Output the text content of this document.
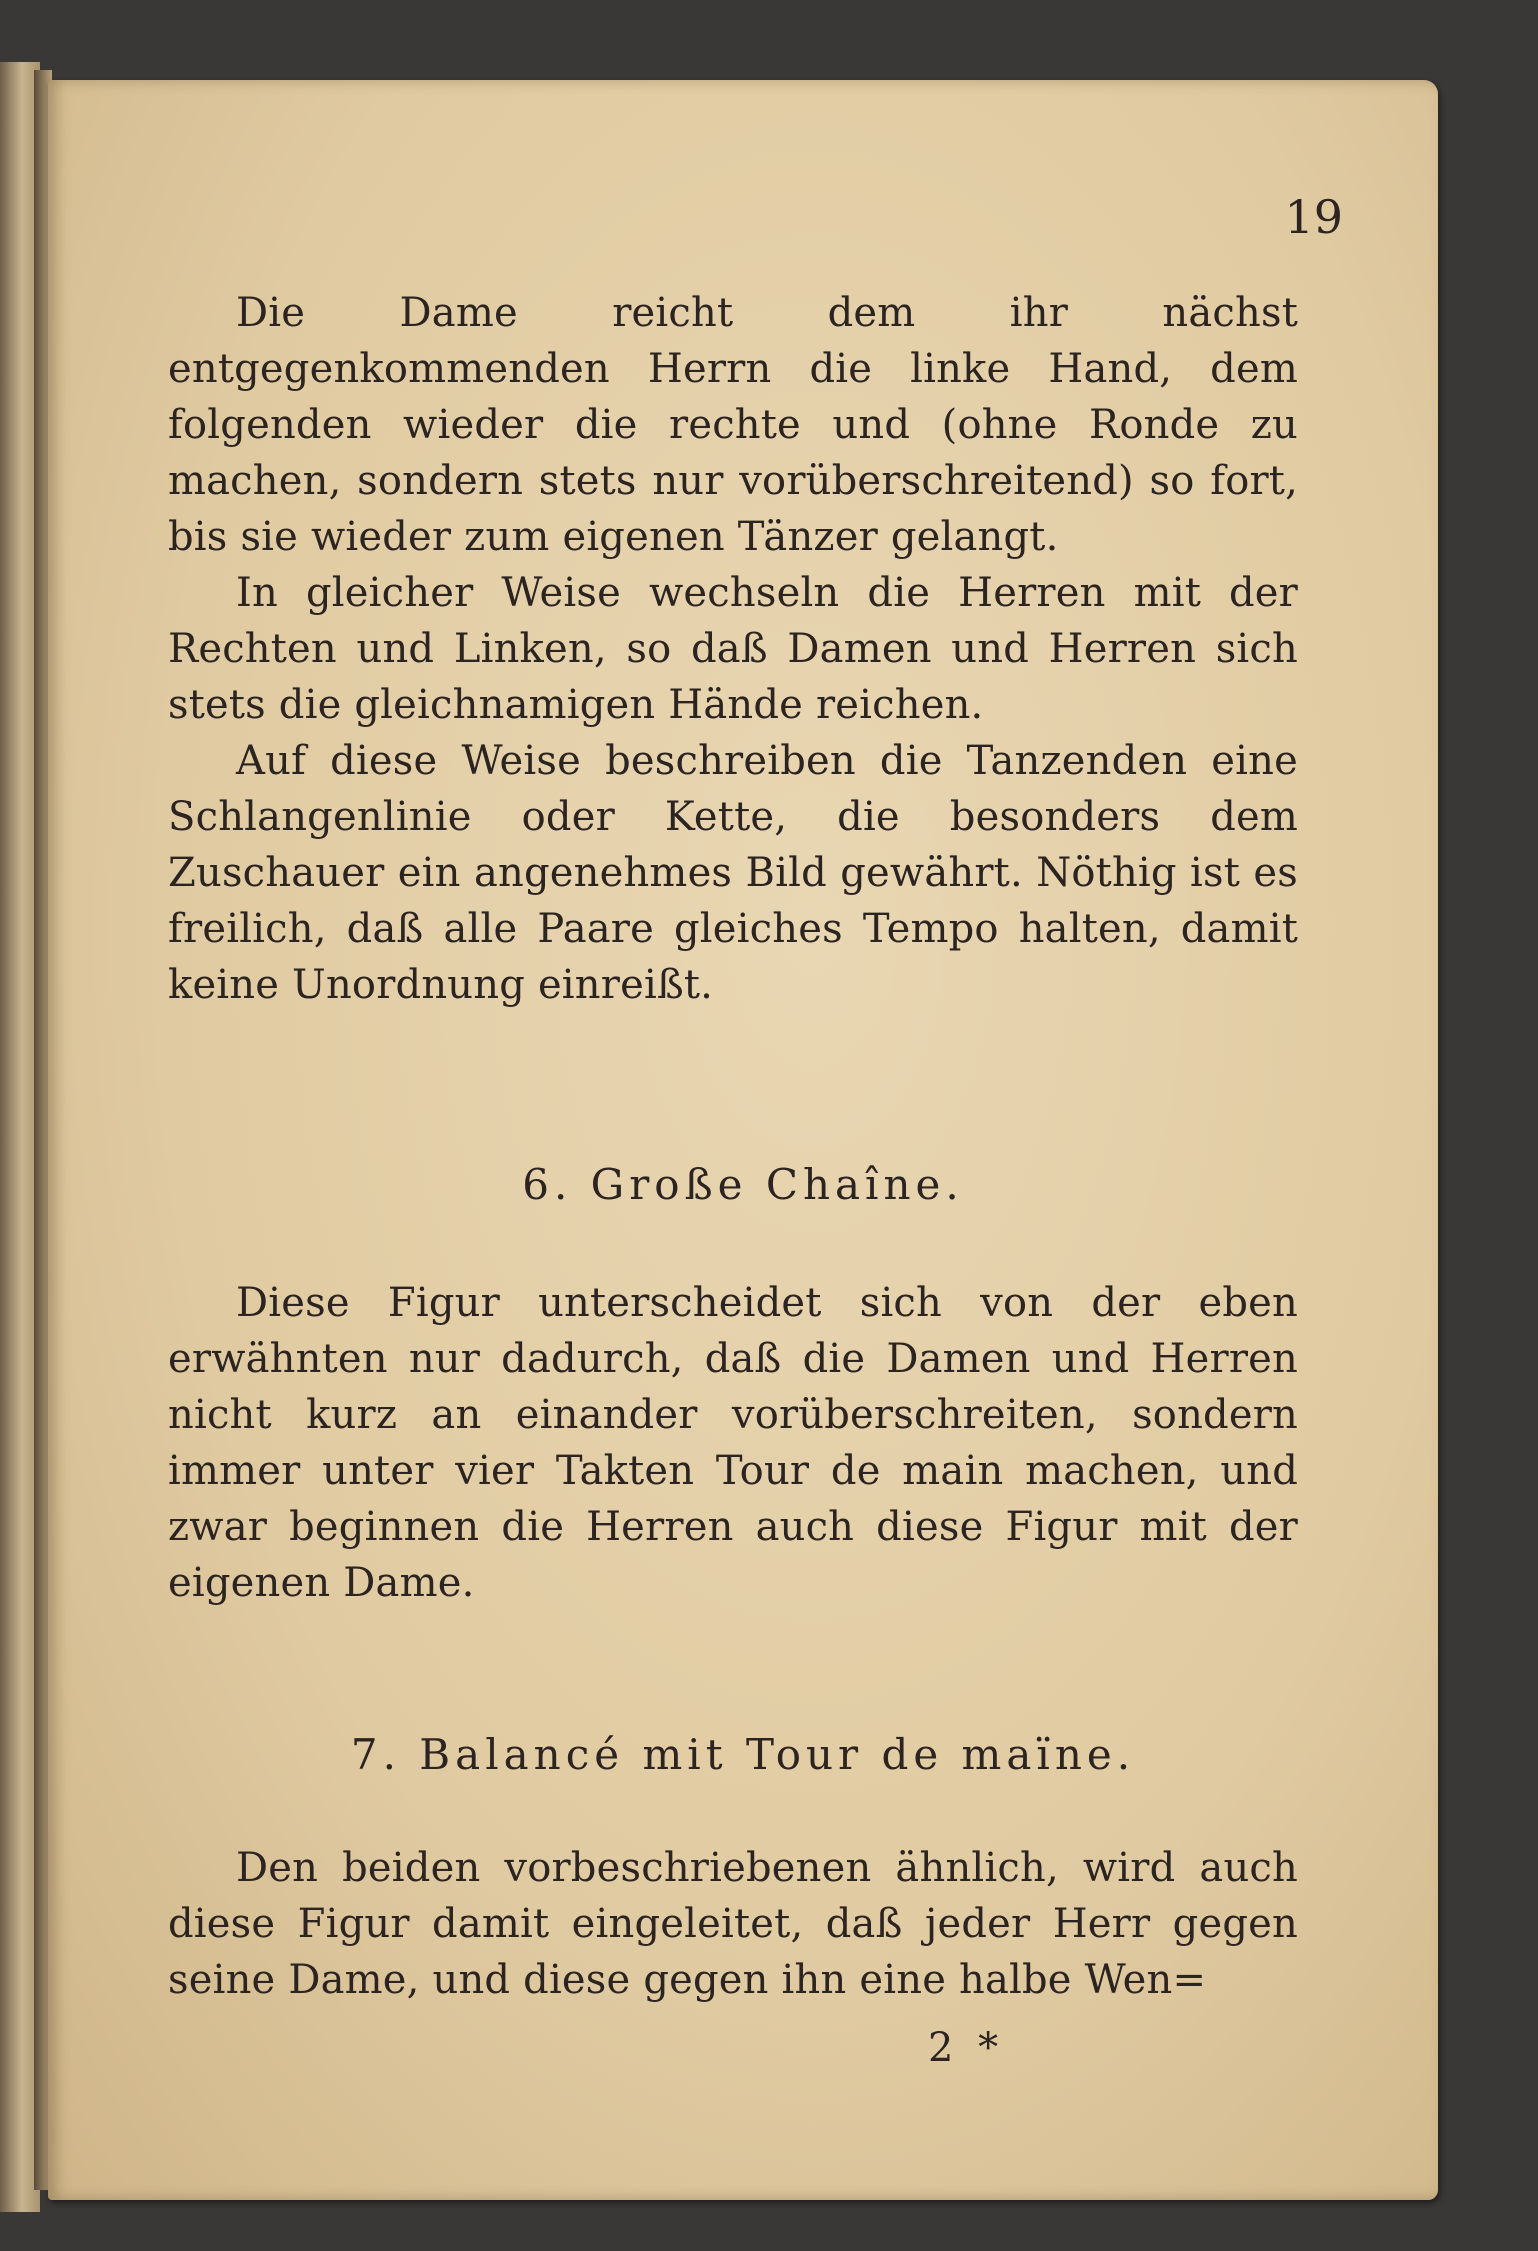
19

Die Dame reicht dem ihr nächst entgegenkommenden Herrn die linke Hand, dem folgenden wieder die rechte und (ohne Ronde zu machen, sondern stets nur vorüberschreitend) so fort, bis sie wieder zum eigenen Tänzer gelangt.

In gleicher Weise wechseln die Herren mit der Rechten und Linken, so daß Damen und Herren sich stets die gleichnamigen Hände reichen.

Auf diese Weise beschreiben die Tanzenden eine Schlangenlinie oder Kette, die besonders dem Zuschauer ein angenehmes Bild gewährt. Nöthig ist es freilich, daß alle Paare gleiches Tempo halten, damit keine Unordnung einreißt.

6. Große Chaîne.

Diese Figur unterscheidet sich von der eben erwähnten nur dadurch, daß die Damen und Herren nicht kurz an einander vorüberschreiten, sondern immer unter vier Takten Tour de main machen, und zwar beginnen die Herren auch diese Figur mit der eigenen Dame.

7. Balancé mit Tour de maïne.

Den beiden vorbeschriebenen ähnlich, wird auch diese Figur damit eingeleitet, daß jeder Herr gegen seine Dame, und diese gegen ihn eine halbe Wen=

2 *
